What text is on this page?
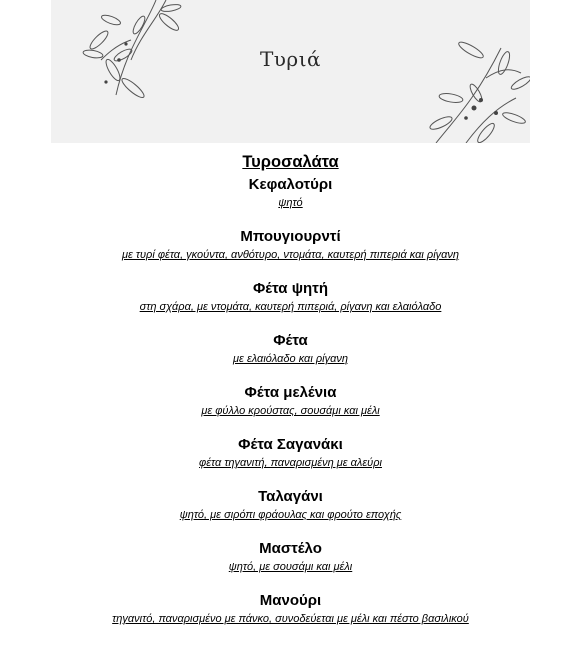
Τυριά
Τυροσαλάτα
Κεφαλοτύρι
ψητό
Μπουγιουρντί
με τυρί φέτα, γκούντα, ανθότυρο, ντομάτα, καυτερή πιπεριά και ρίγανη
Φέτα ψητή
στη σχάρα, με ντομάτα, καυτερή πιπεριά, ρίγανη και ελαιόλαδο
Φέτα
με ελαιόλαδο και ρίγανη
Φέτα μελένια
με φύλλο κρούστας, σουσάμι και μέλι
Φέτα Σαγανάκι
φέτα τηγανιτή, παναρισμένη με αλεύρι
Ταλαγάνι
ψητό, με σιρόπι φράουλας και φρούτο εποχής
Μαστέλο
ψητό, με σουσάμι και μέλι
Μανούρι
τηγανιτό, παναρισμένο με πάνκο, συνοδεύεται με μέλι και πέστο βασιλικού
